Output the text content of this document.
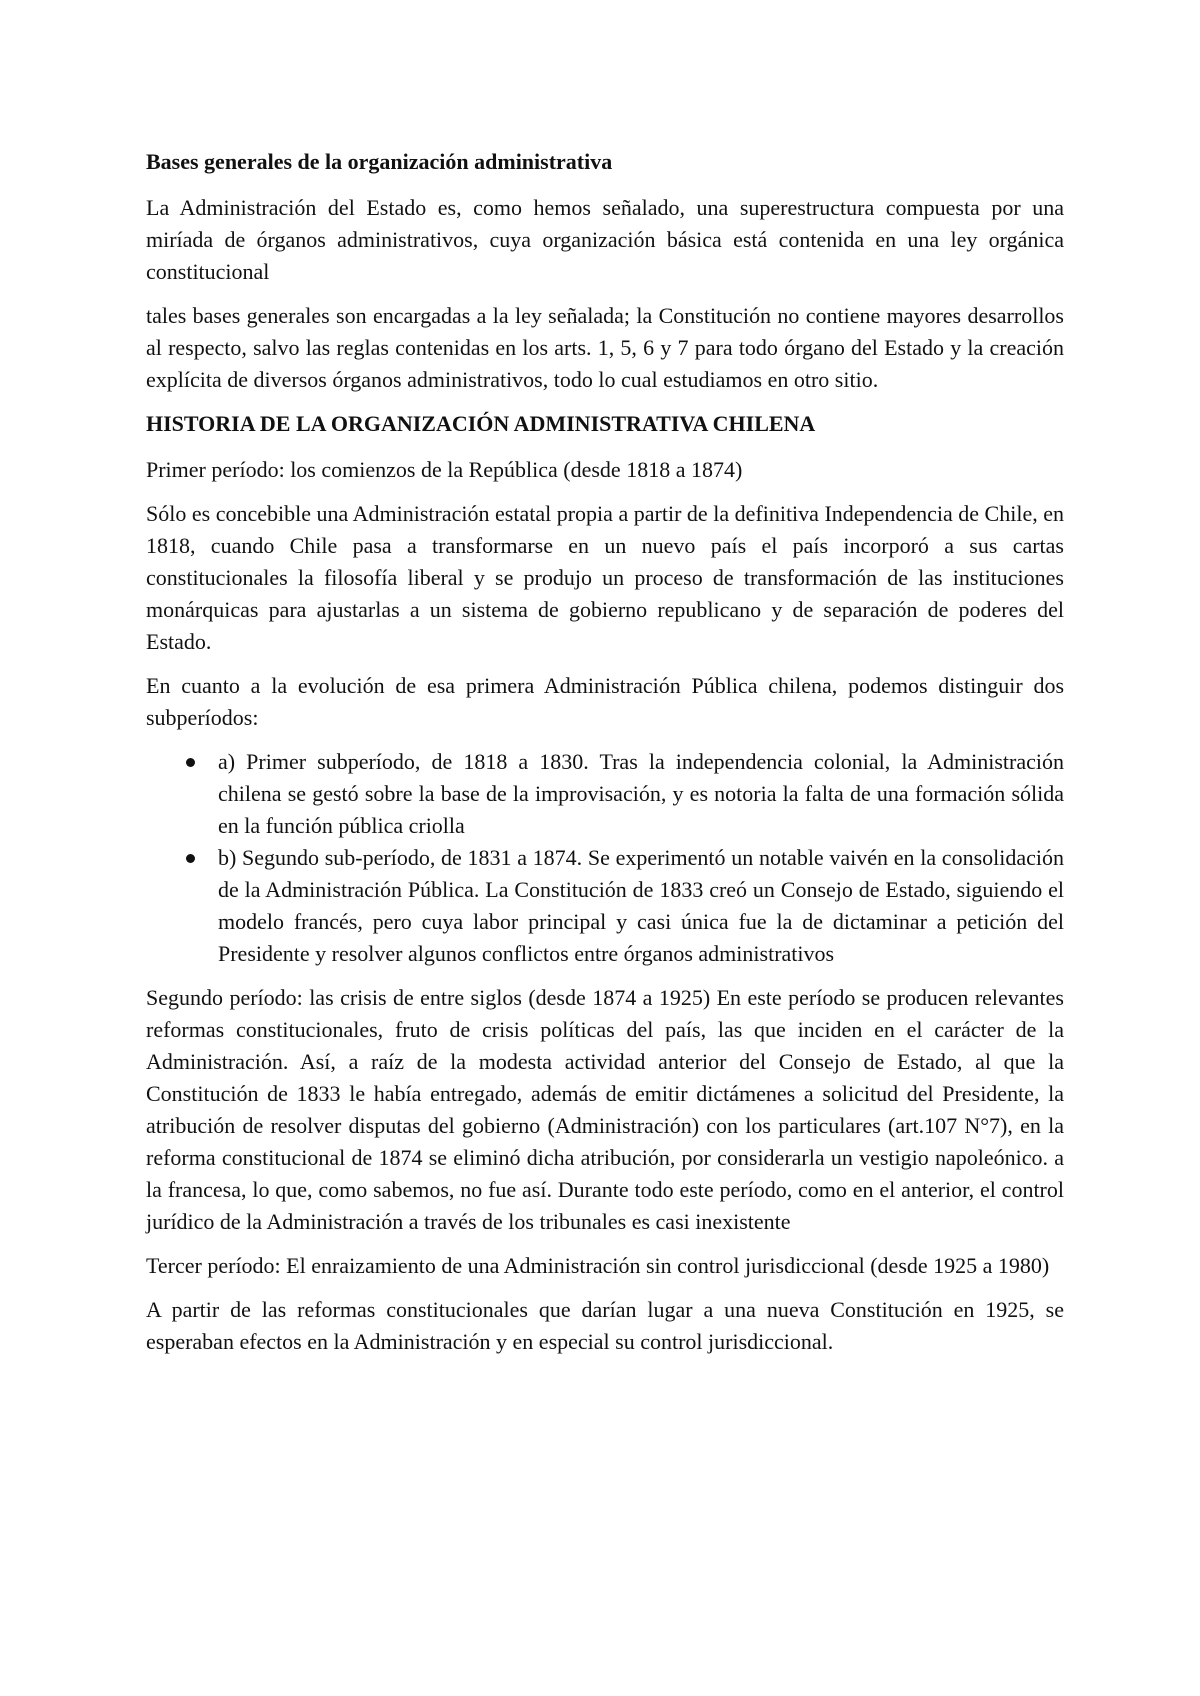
Bases generales de la organización administrativa

La Administración del Estado es, como hemos señalado, una superestructura compuesta por una miríada de órganos administrativos, cuya organización básica está contenida en una ley orgánica constitucional

tales bases generales son encargadas a la ley señalada; la Constitución no contiene mayores desarrollos al respecto, salvo las reglas contenidas en los arts. 1, 5, 6 y 7 para todo órgano del Estado y la creación explícita de diversos órganos administrativos, todo lo cual estudiamos en otro sitio.

HISTORIA DE LA ORGANIZACIÓN ADMINISTRATIVA CHILENA

Primer período: los comienzos de la República (desde 1818 a 1874)

Sólo es concebible una Administración estatal propia a partir de la definitiva Independencia de Chile, en 1818, cuando Chile pasa a transformarse en un nuevo país el país incorporó a sus cartas constitucionales la filosofía liberal y se produjo un proceso de transformación de las instituciones monárquicas para ajustarlas a un sistema de gobierno republicano y de separación de poderes del Estado.

En cuanto a la evolución de esa primera Administración Pública chilena, podemos distinguir dos subperíodos:

a) Primer subperíodo, de 1818 a 1830. Tras la independencia colonial, la Administración chilena se gestó sobre la base de la improvisación, y es notoria la falta de una formación sólida en la función pública criolla
b) Segundo sub-período, de 1831 a 1874. Se experimentó un notable vaivén en la consolidación de la Administración Pública. La Constitución de 1833 creó un Consejo de Estado, siguiendo el modelo francés, pero cuya labor principal y casi única fue la de dictaminar a petición del Presidente y resolver algunos conflictos entre órganos administrativos

Segundo período: las crisis de entre siglos (desde 1874 a 1925) En este período se producen relevantes reformas constitucionales, fruto de crisis políticas del país, las que inciden en el carácter de la Administración. Así, a raíz de la modesta actividad anterior del Consejo de Estado, al que la Constitución de 1833 le había entregado, además de emitir dictámenes a solicitud del Presidente, la atribución de resolver disputas del gobierno (Administración) con los particulares (art.107 N°7), en la reforma constitucional de 1874 se eliminó dicha atribución, por considerarla un vestigio napoleónico. a la francesa, lo que, como sabemos, no fue así. Durante todo este período, como en el anterior, el control jurídico de la Administración a través de los tribunales es casi inexistente

Tercer período: El enraizamiento de una Administración sin control jurisdiccional (desde 1925 a 1980)

A partir de las reformas constitucionales que darían lugar a una nueva Constitución en 1925, se esperaban efectos en la Administración y en especial su control jurisdiccional.
